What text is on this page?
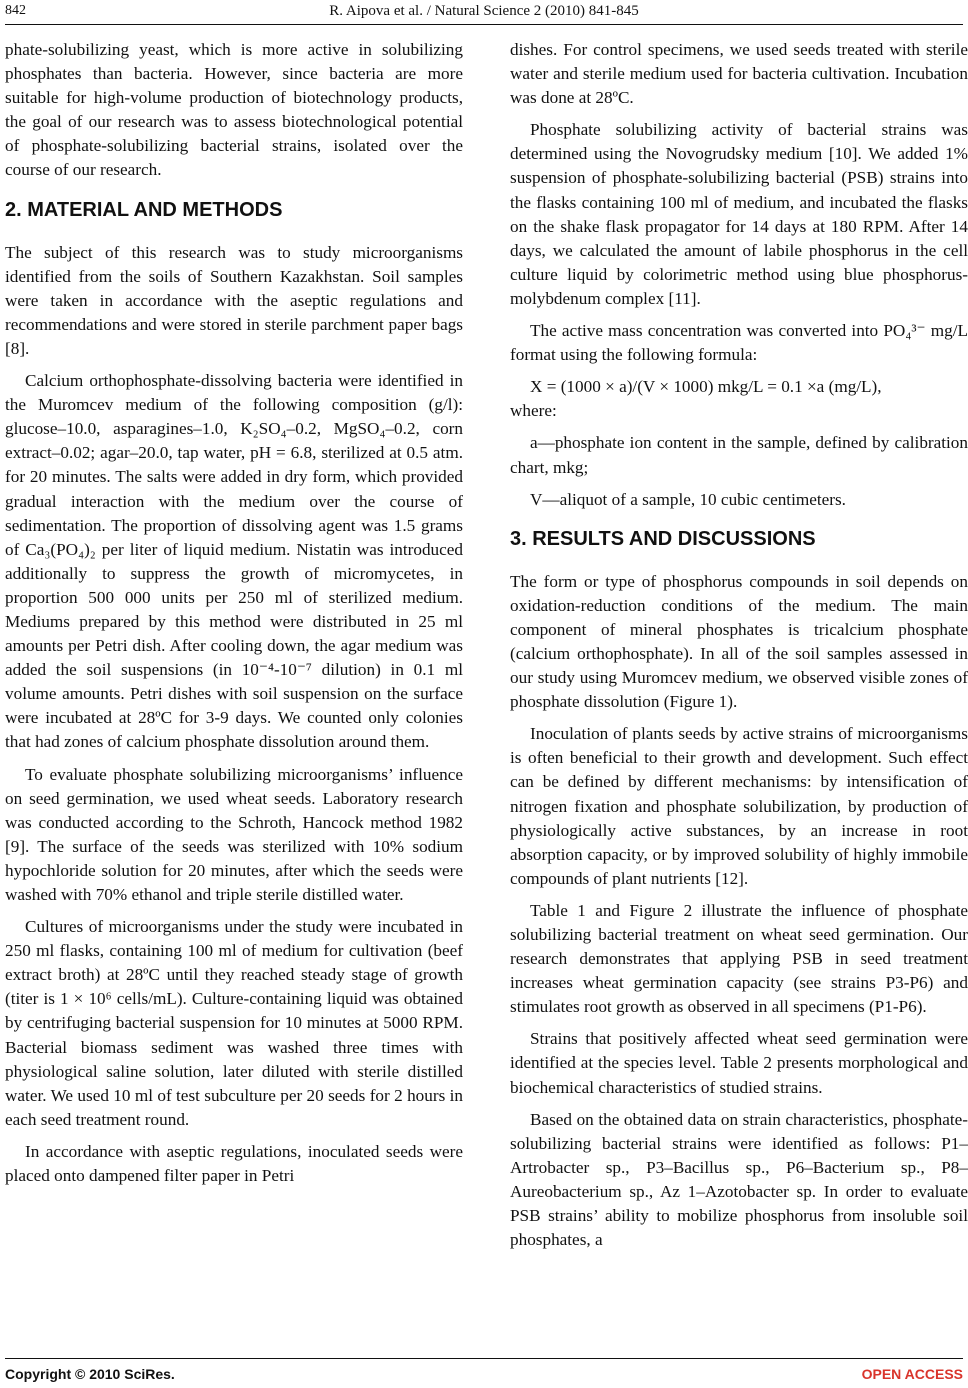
842	R. Aipova et al. / Natural Science 2 (2010) 841-845

phate-solubilizing yeast, which is more active in solubilizing phosphates than bacteria. However, since bacteria are more suitable for high-volume production of biotechnology products, the goal of our research was to assess biotechnological potential of phosphate-solubilizing bacterial strains, isolated over the course of our research.

2. MATERIAL AND METHODS

The subject of this research was to study microorganisms identified from the soils of Southern Kazakhstan. Soil samples were taken in accordance with the aseptic regulations and recommendations and were stored in sterile parchment paper bags [8].

Calcium orthophosphate-dissolving bacteria were identified in the Muromcev medium of the following composition (g/l): glucose–10.0, asparagines–1.0, K₂SO₄–0.2, MgSO₄–0.2, corn extract–0.02; agar–20.0, tap water, pH = 6.8, sterilized at 0.5 atm. for 20 minutes. The salts were added in dry form, which provided gradual interaction with the medium over the course of sedimentation. The proportion of dissolving agent was 1.5 grams of Ca₃(PO₄)₂ per liter of liquid medium. Nistatin was introduced additionally to suppress the growth of micromycetes, in proportion 500 000 units per 250 ml of sterilized medium. Mediums prepared by this method were distributed in 25 ml amounts per Petri dish. After cooling down, the agar medium was added the soil suspensions (in 10⁻⁴-10⁻⁷ dilution) in 0.1 ml volume amounts. Petri dishes with soil suspension on the surface were incubated at 28ºC for 3-9 days. We counted only colonies that had zones of calcium phosphate dissolution around them.

To evaluate phosphate solubilizing microorganisms’ influence on seed germination, we used wheat seeds. Laboratory research was conducted according to the Schroth, Hancock method 1982 [9]. The surface of the seeds was sterilized with 10% sodium hypochloride solution for 20 minutes, after which the seeds were washed with 70% ethanol and triple sterile distilled water.

Cultures of microorganisms under the study were incubated in 250 ml flasks, containing 100 ml of medium for cultivation (beef extract broth) at 28ºC until they reached steady stage of growth (titer is 1 × 10⁶ cells/mL). Culture-containing liquid was obtained by centrifuging bacterial suspension for 10 minutes at 5000 RPM. Bacterial biomass sediment was washed three times with physiological saline solution, later diluted with sterile distilled water. We used 10 ml of test subculture per 20 seeds for 2 hours in each seed treatment round.

In accordance with aseptic regulations, inoculated seeds were placed onto dampened filter paper in Petri

dishes. For control specimens, we used seeds treated with sterile water and sterile medium used for bacteria cultivation. Incubation was done at 28ºC.

Phosphate solubilizing activity of bacterial strains was determined using the Novogrudsky medium [10]. We added 1% suspension of phosphate-solubilizing bacterial (PSB) strains into the flasks containing 100 ml of medium, and incubated the flasks on the shake flask propagator for 14 days at 180 RPM. After 14 days, we calculated the amount of labile phosphorus in the cell culture liquid by colorimetric method using blue phosphorus-molybdenum complex [11].

The active mass concentration was converted into PO₄³⁻ mg/L format using the following formula:

X = (1000 × a)/(V × 1000) mkg/L = 0.1 ×a (mg/L),

where:

a―phosphate ion content in the sample, defined by calibration chart, mkg;

V―aliquot of a sample, 10 cubic centimeters.

3. RESULTS AND DISCUSSIONS

The form or type of phosphorus compounds in soil depends on oxidation-reduction conditions of the medium. The main component of mineral phosphates is tricalcium phosphate (calcium orthophosphate). In all of the soil samples assessed in our study using Muromcev medium, we observed visible zones of phosphate dissolution (Figure 1).

Inoculation of plants seeds by active strains of microorganisms is often beneficial to their growth and development. Such effect can be defined by different mechanisms: by intensification of nitrogen fixation and phosphate solubilization, by production of physiologically active substances, by an increase in root absorption capacity, or by improved solubility of highly immobile compounds of plant nutrients [12].

Table 1 and Figure 2 illustrate the influence of phosphate solubilizing bacterial treatment on wheat seed germination. Our research demonstrates that applying PSB in seed treatment increases wheat germination capacity (see strains P3-P6) and stimulates root growth as observed in all specimens (P1-P6).

Strains that positively affected wheat seed germination were identified at the species level. Table 2 presents morphological and biochemical characteristics of studied strains.

Based on the obtained data on strain characteristics, phosphate-solubilizing bacterial strains were identified as follows: P1–Artrobacter sp., P3–Bacillus sp., P6–Bacterium sp., P8–Aureobacterium sp., Az 1–Azotobacter sp. In order to evaluate PSB strains’ ability to mobilize phosphorus from insoluble soil phosphates, a

Copyright © 2010 SciRes.	OPEN ACCESS
